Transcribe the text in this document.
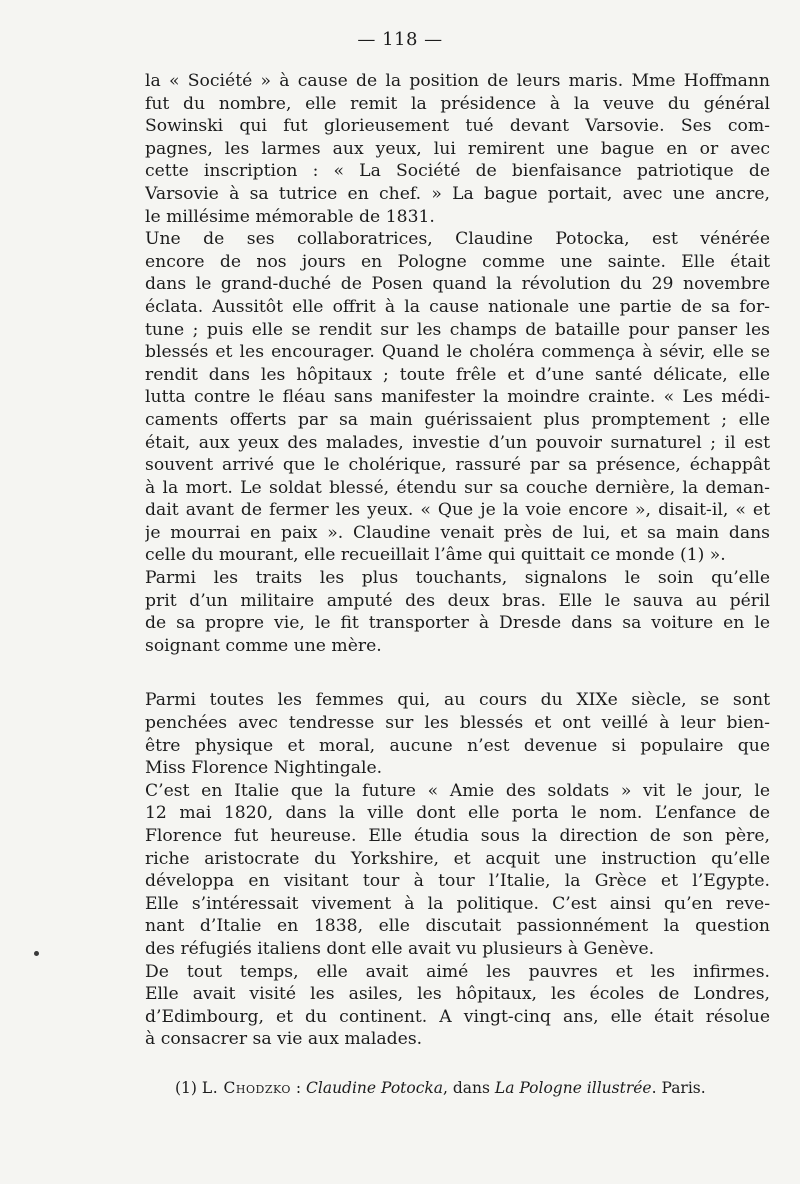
— 118 —
la « Société » à cause de la position de leurs maris. Mme Hoffmann
fut du nombre, elle remit la présidence à la veuve du général
Sowinski qui fut glorieusement tué devant Varsovie. Ses com-
pagnes, les larmes aux yeux, lui remirent une bague en or avec
cette inscription : « La Société de bienfaisance patriotique de
Varsovie à sa tutrice en chef. » La bague portait, avec une ancre,
le millésime mémorable de 1831.
Une de ses collaboratrices, Claudine Potocka, est vénérée
encore de nos jours en Pologne comme une sainte. Elle était
dans le grand-duché de Posen quand la révolution du 29 novembre
éclata. Aussitôt elle offrit à la cause nationale une partie de sa for-
tune ; puis elle se rendit sur les champs de bataille pour panser les
blessés et les encourager. Quand le choléra commença à sévir, elle se
rendit dans les hôpitaux ; toute frêle et d’une santé délicate, elle
lutta contre le fléau sans manifester la moindre crainte. « Les médi-
caments offerts par sa main guérissaient plus promptement ; elle
était, aux yeux des malades, investie d’un pouvoir surnaturel ; il est
souvent arrivé que le cholérique, rassuré par sa présence, échappât
à la mort. Le soldat blessé, étendu sur sa couche dernière, la deman-
dait avant de fermer les yeux. « Que je la voie encore », disait-il, « et
je mourrai en paix ». Claudine venait près de lui, et sa main dans
celle du mourant, elle recueillait l’âme qui quittait ce monde (1) ».
Parmi les traits les plus touchants, signalons le soin qu’elle
prit d’un militaire amputé des deux bras. Elle le sauva au péril
de sa propre vie, le fit transporter à Dresde dans sa voiture en le
soignant comme une mère.
Parmi toutes les femmes qui, au cours du XIXe siècle, se sont
penchées avec tendresse sur les blessés et ont veillé à leur bien-
être physique et moral, aucune n’est devenue si populaire que
Miss Florence Nightingale.
C’est en Italie que la future « Amie des soldats » vit le jour, le
12 mai 1820, dans la ville dont elle porta le nom. L’enfance de
Florence fut heureuse. Elle étudia sous la direction de son père,
riche aristocrate du Yorkshire, et acquit une instruction qu’elle
développa en visitant tour à tour l’Italie, la Grèce et l’Egypte.
Elle s’intéressait vivement à la politique. C’est ainsi qu’en reve-
nant d’Italie en 1838, elle discutait passionnément la question
des réfugiés italiens dont elle avait vu plusieurs à Genève.
De tout temps, elle avait aimé les pauvres et les infirmes.
Elle avait visité les asiles, les hôpitaux, les écoles de Londres,
d’Edimbourg, et du continent. A vingt-cinq ans, elle était résolue
à consacrer sa vie aux malades.
(1) L. Chodzko : Claudine Potocka, dans La Pologne illustrée. Paris.
